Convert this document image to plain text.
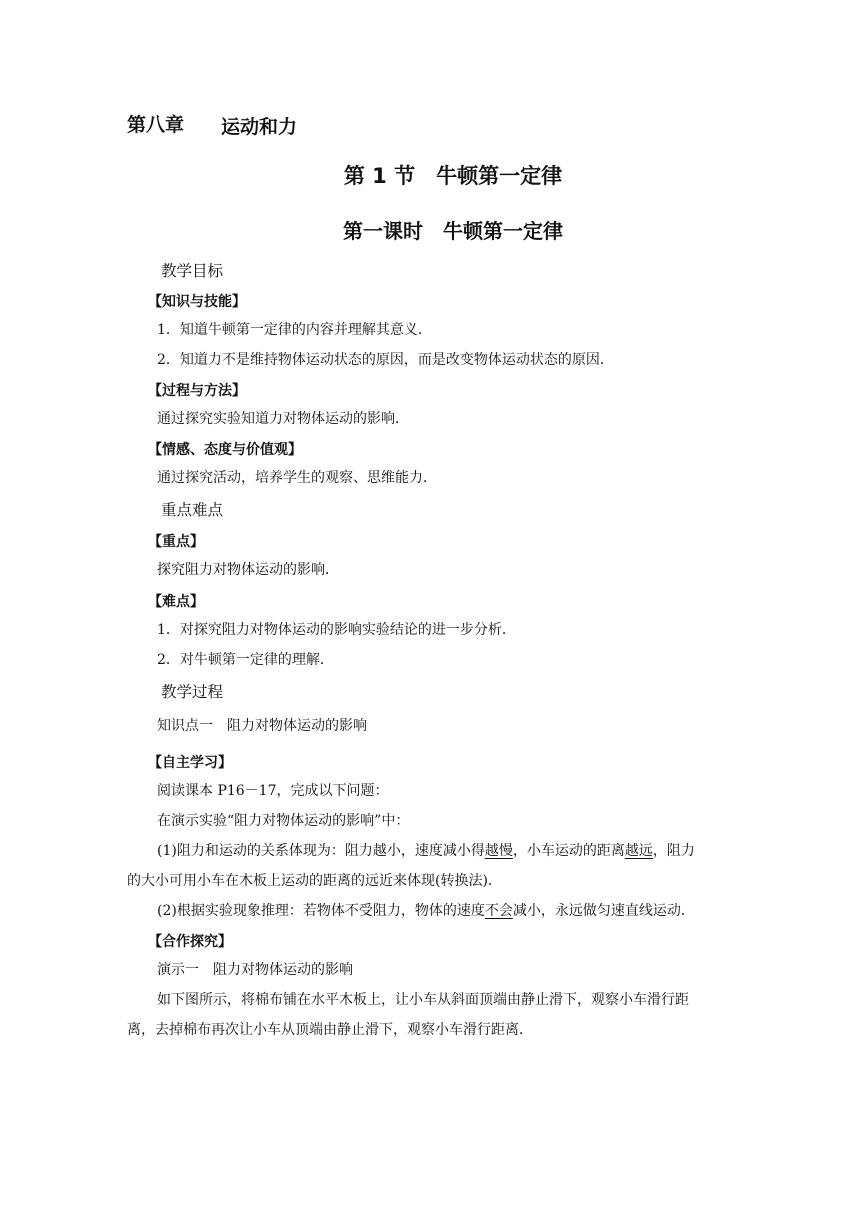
第八章 运动和力
第 1 节　牛顿第一定律
第一课时　牛顿第一定律
教学目标
【知识与技能】
1．知道牛顿第一定律的内容并理解其意义．
2．知道力不是维持物体运动状态的原因，而是改变物体运动状态的原因．
【过程与方法】
通过探究实验知道力对物体运动的影响．
【情感、态度与价值观】
通过探究活动，培养学生的观察、思维能力．
重点难点
【重点】
探究阻力对物体运动的影响．
【难点】
1．对探究阻力对物体运动的影响实验结论的进一步分析．
2．对牛顿第一定律的理解．
教学过程
知识点一　阻力对物体运动的影响
【自主学习】
阅读课本 P16－17，完成以下问题：
在演示实验“阻力对物体运动的影响”中：
(1)阻力和运动的关系体现为：阻力越小，速度减小得越慢，小车运动的距离越远，阻力
的大小可用小车在木板上运动的距离的远近来体现(转换法).
(2)根据实验现象推理：若物体不受阻力，物体的速度不会减小，永远做匀速直线运动．
【合作探究】
演示一　阻力对物体运动的影响
如下图所示，将棉布铺在水平木板上，让小车从斜面顶端由静止滑下，观察小车滑行距
离，去掉棉布再次让小车从顶端由静止滑下，观察小车滑行距离．
